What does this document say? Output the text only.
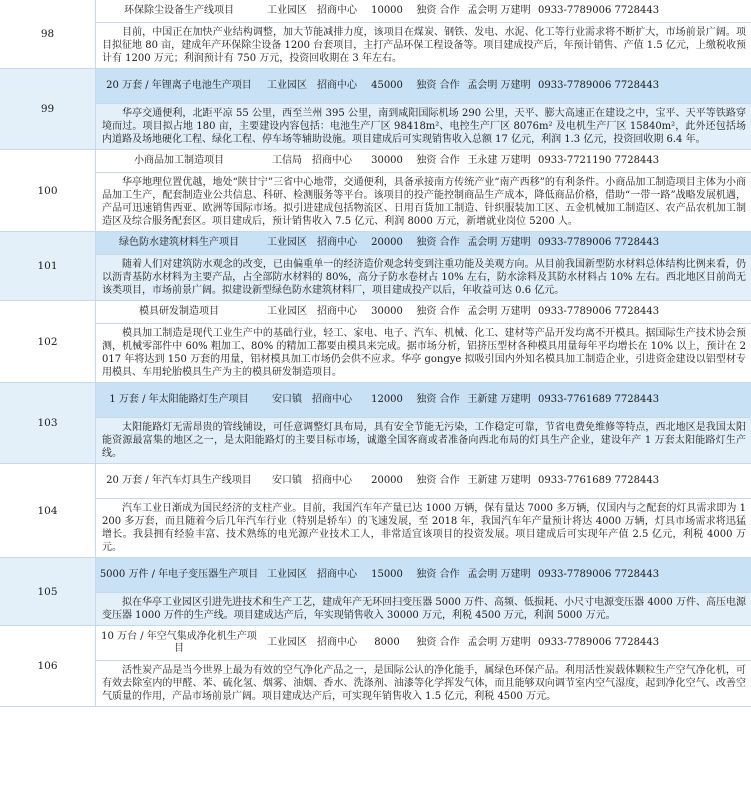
98
环保除尘设备生产线项目	工业园区　招商中心	10000	独资 合作 孟会明 万建明 0933-7789006 7728443

目前，中国正在加快产业结构调整，加大节能减排力度，该项目在煤炭、钢铁、发电、水泥、化工等行业需求将不断扩大，市场前景广阔。项目拟征地 80 亩，建成年产环保除尘设备 1200 台套项目，主打产品环保工程设备等。项目建成投产后，年预计销售、产值 1.5 亿元，上缴税收预计有 1200 万元；利润预计有 750 万元，投资回收期在 3 年左右。

99
20 万套 / 年锂离子电池生产项目	工业园区　招商中心	45000	独资 合作 孟会明 万建明 0933-7789006 7728443

华亭交通便利，北距平凉 55 公里，西至兰州 395 公里，南到咸阳国际机场 290 公里，天平、膨大高速正在建设之中，宝平、天平等铁路穿境而过。项目拟占地 180 亩，主要建设内容包括：电池生产厂区 98418m²、电控生产厂区 8076m² 及电机生产厂区 15840m²，此外还包括场内道路及场地硬化工程、绿化工程、停车场等辅助设施。项目建成后可实现销售收入总额 17 亿元，利润 1.3 亿元，投资回收期 6.4 年。

100
小商品加工制造项目	工信局　招商中心	30000	独资 合作 王永建 万建明 0933-7721190 7728443

华亭地理位置优越，地处“陕甘宁”三省中心地带，交通便利，具备承接南方传统产业“南产西移”的有利条件。小商品加工制造项目主体为小商品加工生产，配套制造业公共信息、科研、检测服务等平台。该项目的投产能控制商品生产成本，降低商品价格，借助“一带一路”战略发展机遇，产品可迅速销售西亚、欧洲等国际市场。拟引进建成包括物流区、日用百货加工制造、针织服装加工区、五金机械加工制造区、农产品农机加工制造区及综合服务配套区。项目建成后，预计销售收入 7.5 亿元、利润 8000 万元，新增就业岗位 5200 人。

101
绿色防水建筑材料生产项目	工业园区　招商中心	20000	独资 合作 孟会明 万建明 0933-7789006 7728443

随着人们对建筑防水观念的改变，已由偏重单一的经济造价观念转变到注重功能及美观方向。从目前我国新型防水材料总体结构比例来看，仍以沥青基防水材料为主要产品，占全部防水材料的 80%，高分子防水卷材占 10% 左右，防水涂料及其防水材料占 10% 左右。西北地区目前尚无该类项目，市场前景广阔。拟建设新型绿色防水建筑材料厂，项目建成投产以后，年收益可达 0.6 亿元。

102
模具研发制造项目	工业园区　招商中心	30000	独资 合作 孟会明 万建明 0933-7789006 7728443

模具加工制造是现代工业生产中的基础行业，轻工、家电、电子、汽车、机械、化工、建材等产品开发均离不开模具。据国际生产技术协会预测，机械零部件中 60% 粗加工、80% 的精加工都要由模具来完成。据市场分析，铝挤压型材各种模具用量每年平均增长在 10% 以上，预计在 2017 年将达到 150 万套的用量，铝材模具加工市场仍会供不应求。华亭 gongye 拟吸引国内外知名模具加工制造企业，引进资金建设以铝型材专用模具、车用轮胎模具生产为主的模具研发制造项目。

103
1 万套 / 年太阳能路灯生产项目	安口镇　招商中心	12000	独资 合作 王新建 万建明 0933-7761689 7728443

太阳能路灯无需昂贵的管线铺设，可任意调整灯具布局，具有安全节能无污染，工作稳定可靠，节省电费免维修等特点，西北地区是我国太阳能资源最富集的地区之一，是太阳能路灯的主要目标市场，诚邀全国客商或者准备向西北布局的灯具生产企业，建设年产 1 万套太阳能路灯生产线。

104
20 万套 / 年汽车灯具生产线项目	安口镇　招商中心	20000	独资 合作 王新建 万建明 0933-7761689 7728443

汽车工业日渐成为国民经济的支柱产业。目前，我国汽车年产量已达 1000 万辆，保有量达 7000 多万辆，仅国内与之配套的灯具需求即为 1200 多万套，而且随着今后几年汽车行业（特别是轿车）的飞速发展，至 2018 年，我国汽车年产量预计将达 4000 万辆，灯具市场需求将迅猛增长。我县拥有经验丰富、技术熟练的电光源产业技术工人，非常适宜该项目的投资发展。项目建成后可实现年产值 2.5 亿元，利税 4000 万元。

105
5000 万件 / 年电子变压器生产项目 工业园区　招商中心	15000	独资 合作 孟会明 万建明 0933-7789006 7728443

拟在华亭工业园区引进先进技术和生产工艺，建成年产无环回扫变压器 5000 万件、高频、低损耗、小尺寸电源变压器 4000 万件、高压电源变压器 1000 万件的生产线。项目建成达产后，年实现销售收入 30000 万元，利税 4500 万元，利润 5000 万元。

106
10 万台 / 年空气集成净化机生产项目
工业园区　招商中心	8000	独资 合作 孟会明 万建明 0933-7789006 7728443

活性炭产品是当今世界上最为有效的空气净化产品之一，是国际公认的净化能手，属绿色环保产品。利用活性炭载体颗粒生产空气净化机，可有效去除室内的甲醛、苯、硫化氢、烟雾、油烟、香水、洗涤剂、油漆等化学挥发气体，而且能够双向调节室内空气湿度，起到净化空气、改善空气质量的作用，产品市场前景广阔。项目建成达产后，可实现年销售收入 1.5 亿元，利税 4500 万元。
